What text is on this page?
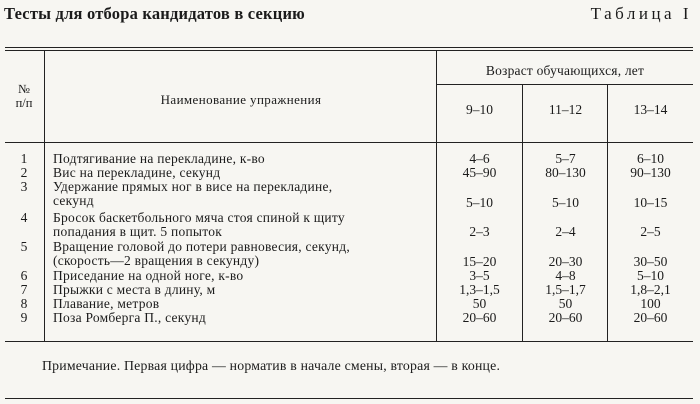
Тесты для отбора кандидатов в секцию	Таблица I
№
п/п	Наименование упражнения
Возраст обучающихся, лет
9–10	11–12	13–14
1	Подтягивание на перекладине, к-во	4–6	5–7	6–10
2	Вис на перекладине, секунд	45–90	80–130	90–130
3	Удержание прямых ног в висе на перекладине,
секунд	5–10	5–10	10–15
4	Бросок баскетбольного мяча стоя спиной к щиту
попадания в щит. 5 попыток	2–3	2–4	2–5
5	Вращение головой до потери равновесия, секунд,
(скорость—2 вращения в секунду)	15–20	20–30	30–50
6	Приседание на одной ноге, к-во	3–5	4–8	5–10
7	Прыжки с места в длину, м	1,3–1,5	1,5–1,7	1,8–2,1
8	Плавание, метров	50	50	100
9	Поза Ромберга П., секунд	20–60	20–60	20–60
Примечание. Первая цифра — норматив в начале смены, вторая — в конце.
